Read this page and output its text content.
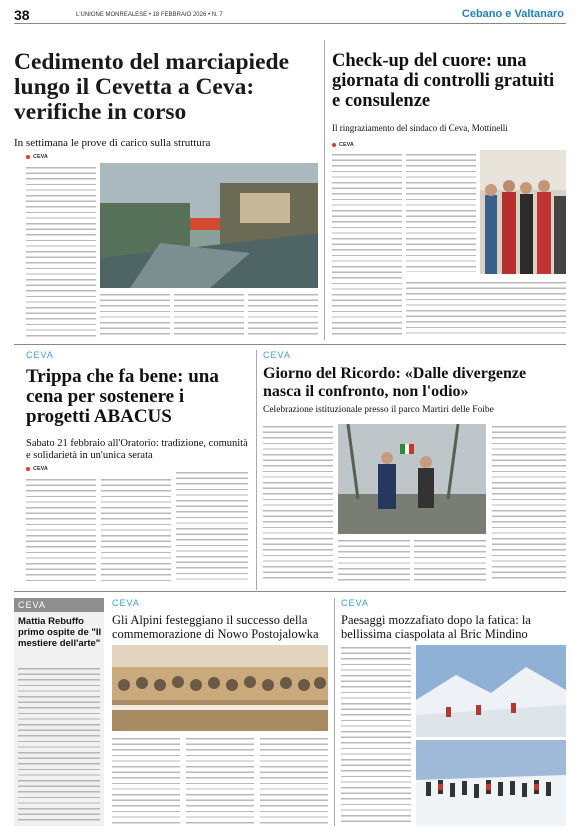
38	L'UNIONE MONREALESE • 18 FEBBRAIO 2026 • N. 7	Cebano e Valtanaro
Cedimento del marciapiede lungo il Cevetta a Ceva: verifiche in corso
In settimana le prove di carico sulla struttura
CEVA
Check-up del cuore: una giornata di controlli gratuiti e consulenze
Il ringraziamento del sindaco di Ceva, Mottinelli
CEVA
CEVA
Trippa che fa bene: una cena per sostenere i progetti ABACUS
Sabato 21 febbraio all'Oratorio: tradizione, comunità e solidarietà in un'unica serata
CEVA
CEVA
Giorno del Ricordo: «Dalle divergenze nasca il confronto, non l'odio»
Celebrazione istituzionale presso il parco Martiri delle Foibe
CEVA
Mattia Rebuffo primo ospite de "Il mestiere dell'arte"
CEVA
Gli Alpini festeggiano il successo della commemorazione di Nowo Postojalowka
CEVA
Paesaggi mozzafiato dopo la fatica: la bellissima ciaspolata al Bric Mindino
